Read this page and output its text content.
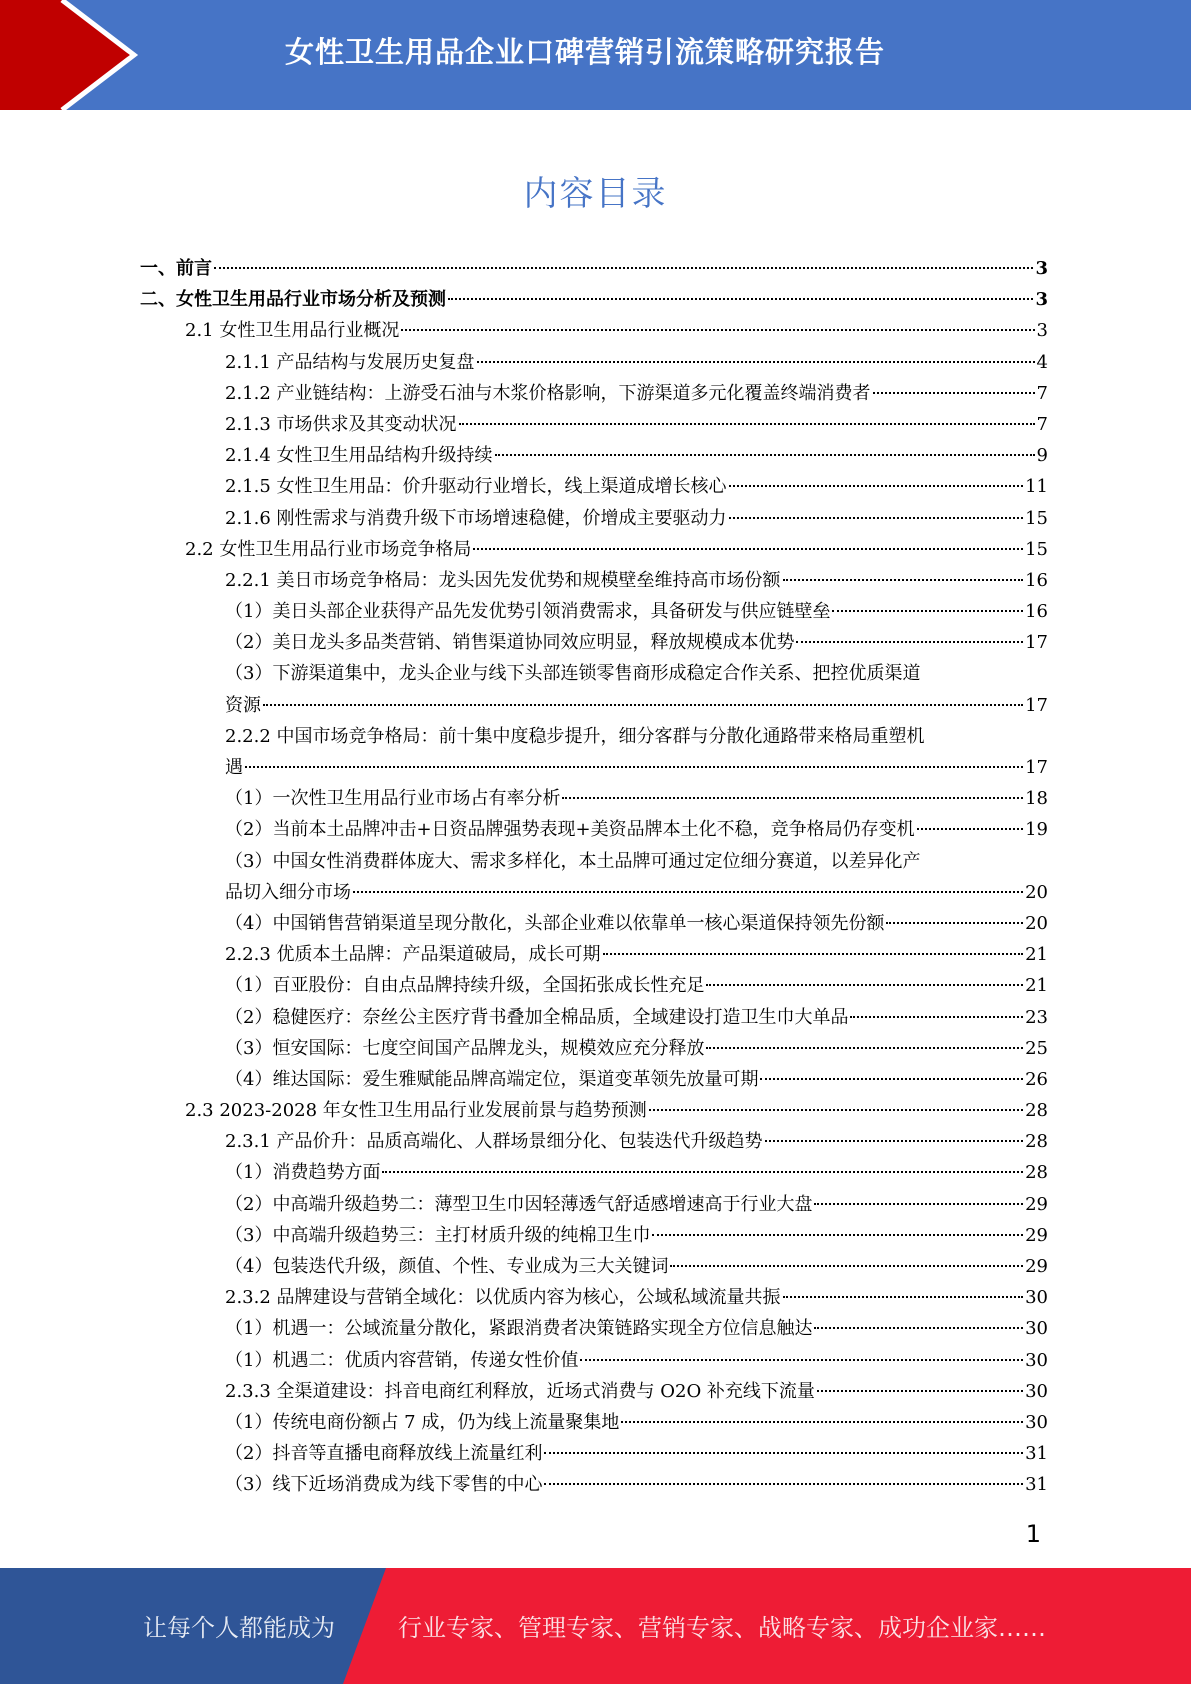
女性卫生用品企业口碑营销引流策略研究报告
内容目录
一、前言	3
二、女性卫生用品行业市场分析及预测	3
2.1 女性卫生用品行业概况	3
2.1.1 产品结构与发展历史复盘	4
2.1.2 产业链结构：上游受石油与木浆价格影响，下游渠道多元化覆盖终端消费者	7
2.1.3 市场供求及其变动状况	7
2.1.4 女性卫生用品结构升级持续	9
2.1.5 女性卫生用品：价升驱动行业增长，线上渠道成增长核心	11
2.1.6 刚性需求与消费升级下市场增速稳健，价增成主要驱动力	15
2.2 女性卫生用品行业市场竞争格局	15
2.2.1 美日市场竞争格局：龙头因先发优势和规模壁垒维持高市场份额	16
（1）美日头部企业获得产品先发优势引领消费需求，具备研发与供应链壁垒	16
（2）美日龙头多品类营销、销售渠道协同效应明显，释放规模成本优势	17
（3）下游渠道集中，龙头企业与线下头部连锁零售商形成稳定合作关系、把控优质渠道
资源	17
2.2.2 中国市场竞争格局：前十集中度稳步提升，细分客群与分散化通路带来格局重塑机
遇	17
（1）一次性卫生用品行业市场占有率分析	18
（2）当前本土品牌冲击+日资品牌强势表现+美资品牌本土化不稳，竞争格局仍存变机	19
（3）中国女性消费群体庞大、需求多样化，本土品牌可通过定位细分赛道，以差异化产
品切入细分市场	20
（4）中国销售营销渠道呈现分散化，头部企业难以依靠单一核心渠道保持领先份额	20
2.2.3 优质本土品牌：产品渠道破局，成长可期	21
（1）百亚股份：自由点品牌持续升级，全国拓张成长性充足	21
（2）稳健医疗：奈丝公主医疗背书叠加全棉品质，全域建设打造卫生巾大单品	23
（3）恒安国际：七度空间国产品牌龙头，规模效应充分释放	25
（4）维达国际：爱生雅赋能品牌高端定位，渠道变革领先放量可期	26
2.3 2023-2028 年女性卫生用品行业发展前景与趋势预测	28
2.3.1 产品价升：品质高端化、人群场景细分化、包装迭代升级趋势	28
（1）消费趋势方面	28
（2）中高端升级趋势二：薄型卫生巾因轻薄透气舒适感增速高于行业大盘	29
（3）中高端升级趋势三：主打材质升级的纯棉卫生巾	29
（4）包装迭代升级，颜值、个性、专业成为三大关键词	29
2.3.2 品牌建设与营销全域化：以优质内容为核心，公域私域流量共振	30
（1）机遇一：公域流量分散化，紧跟消费者决策链路实现全方位信息触达	30
（1）机遇二：优质内容营销，传递女性价值	30
2.3.3 全渠道建设：抖音电商红利释放，近场式消费与 O2O 补充线下流量	30
（1）传统电商份额占 7 成，仍为线上流量聚集地	30
（2）抖音等直播电商释放线上流量红利	31
（3）线下近场消费成为线下零售的中心	31
1
让每个人都能成为	行业专家、管理专家、营销专家、战略专家、成功企业家……
